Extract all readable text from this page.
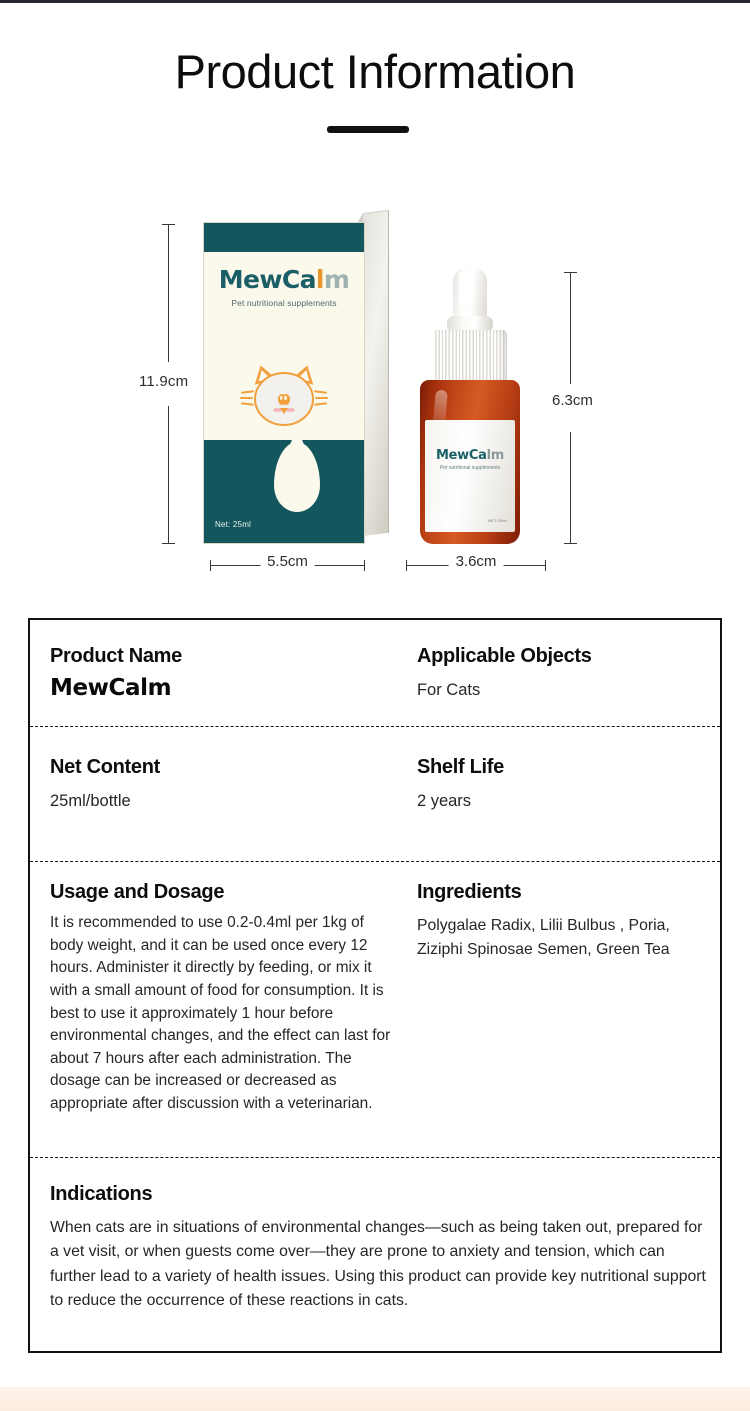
Product Information
11.9cm
6.3cm
MewCalm
Pet nutritional supplements
Net: 25ml
MewCalm
Pet nutritional supplements
NET:25ml
5.5cm	3.6cm
Product Name
MewCalm
Applicable Objects
For Cats
Net Content
25ml/bottle
Shelf Life
2 years
Usage and Dosage
It is recommended to use 0.2-0.4ml per 1kg of body weight, and it can be used once every 12 hours. Administer it directly by feeding, or mix it with a small amount of food for consumption. It is best to use it approximately 1 hour before environmental changes, and the effect can last for about 7 hours after each administration. The dosage can be increased or decreased as appropriate after discussion with a veterinarian.
Ingredients
Polygalae Radix, Lilii Bulbus , Poria, Ziziphi Spinosae Semen, Green Tea
Indications
When cats are in situations of environmental changes—such as being taken out, prepared for a vet visit, or when guests come over—they are prone to anxiety and tension, which can further lead to a variety of health issues. Using this product can provide key nutritional support to reduce the occurrence of these reactions in cats.
